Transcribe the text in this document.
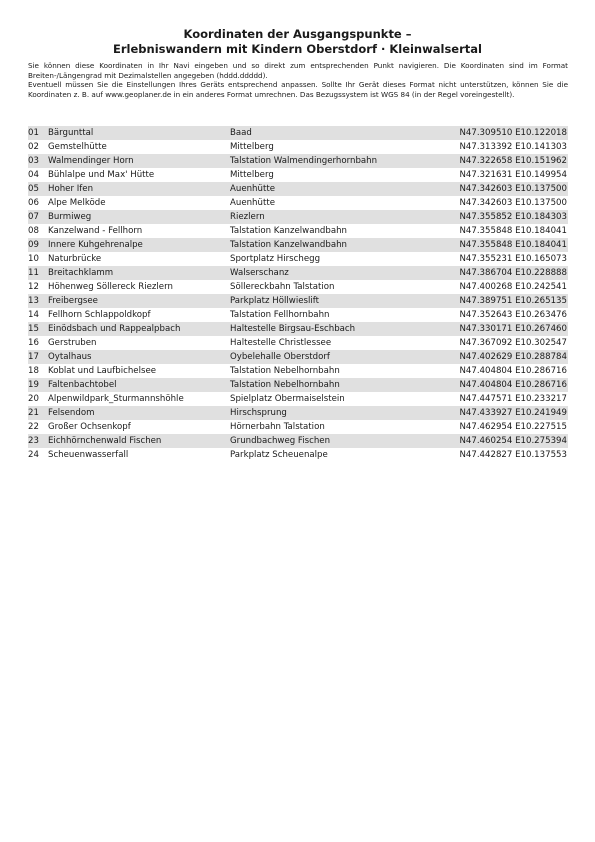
Koordinaten der Ausgangspunkte –
Erlebniswandern mit Kindern Oberstdorf · Kleinwalsertal

Sie können diese Koordinaten in Ihr Navi eingeben und so direkt zum entsprechenden Punkt navigieren. Die Koordinaten sind im Format Breiten-/Längengrad mit Dezimalstellen angegeben (hddd.ddddd).

Eventuell müssen Sie die Einstellungen Ihres Geräts entsprechend anpassen. Sollte Ihr Gerät dieses Format nicht unterstützen, können Sie die Koordinaten z. B. auf www.geoplaner.de in ein anderes Format umrechnen. Das Bezugssystem ist WGS 84 (in der Regel voreingestellt).

01 Bärgunttal	Baad	N47.309510 E10.122018
02 Gemstelhütte	Mittelberg	N47.313392 E10.141303
03 Walmendinger Horn	Talstation Walmendingerhornbahn	N47.322658 E10.151962
04 Bühlalpe und Max' Hütte	Mittelberg	N47.321631 E10.149954
05 Hoher Ifen	Auenhütte	N47.342603 E10.137500
06 Alpe Melköde	Auenhütte	N47.342603 E10.137500
07 Burmiweg	Riezlern	N47.355852 E10.184303
08 Kanzelwand - Fellhorn	Talstation Kanzelwandbahn	N47.355848 E10.184041
09 Innere Kuhgehrenalpe	Talstation Kanzelwandbahn	N47.355848 E10.184041
10 Naturbrücke	Sportplatz Hirschegg	N47.355231 E10.165073
11 Breitachklamm	Walserschanz	N47.386704 E10.228888
12 Höhenweg Söllereck Riezlern	Söllereckbahn Talstation	N47.400268 E10.242541
13 Freibergsee	Parkplatz Höllwieslift	N47.389751 E10.265135
14 Fellhorn Schlappoldkopf	Talstation Fellhornbahn	N47.352643 E10.263476
15 Einödsbach und Rappealpbach	Haltestelle Birgsau-Eschbach	N47.330171 E10.267460
16 Gerstruben	Haltestelle Christlessee	N47.367092 E10.302547
17 Oytalhaus	Oybelehalle Oberstdorf	N47.402629 E10.288784
18 Koblat und Laufbichelsee	Talstation Nebelhornbahn	N47.404804 E10.286716
19 Faltenbachtobel	Talstation Nebelhornbahn	N47.404804 E10.286716
20 Alpenwildpark_Sturmannshöhle	Spielplatz Obermaiselstein	N47.447571 E10.233217
21 Felsendom	Hirschsprung	N47.433927 E10.241949
22 Großer Ochsenkopf	Hörnerbahn Talstation	N47.462954 E10.227515
23 Eichhörnchenwald Fischen	Grundbachweg Fischen	N47.460254 E10.275394
24 Scheuenwasserfall	Parkplatz Scheuenalpe	N47.442827 E10.137553
